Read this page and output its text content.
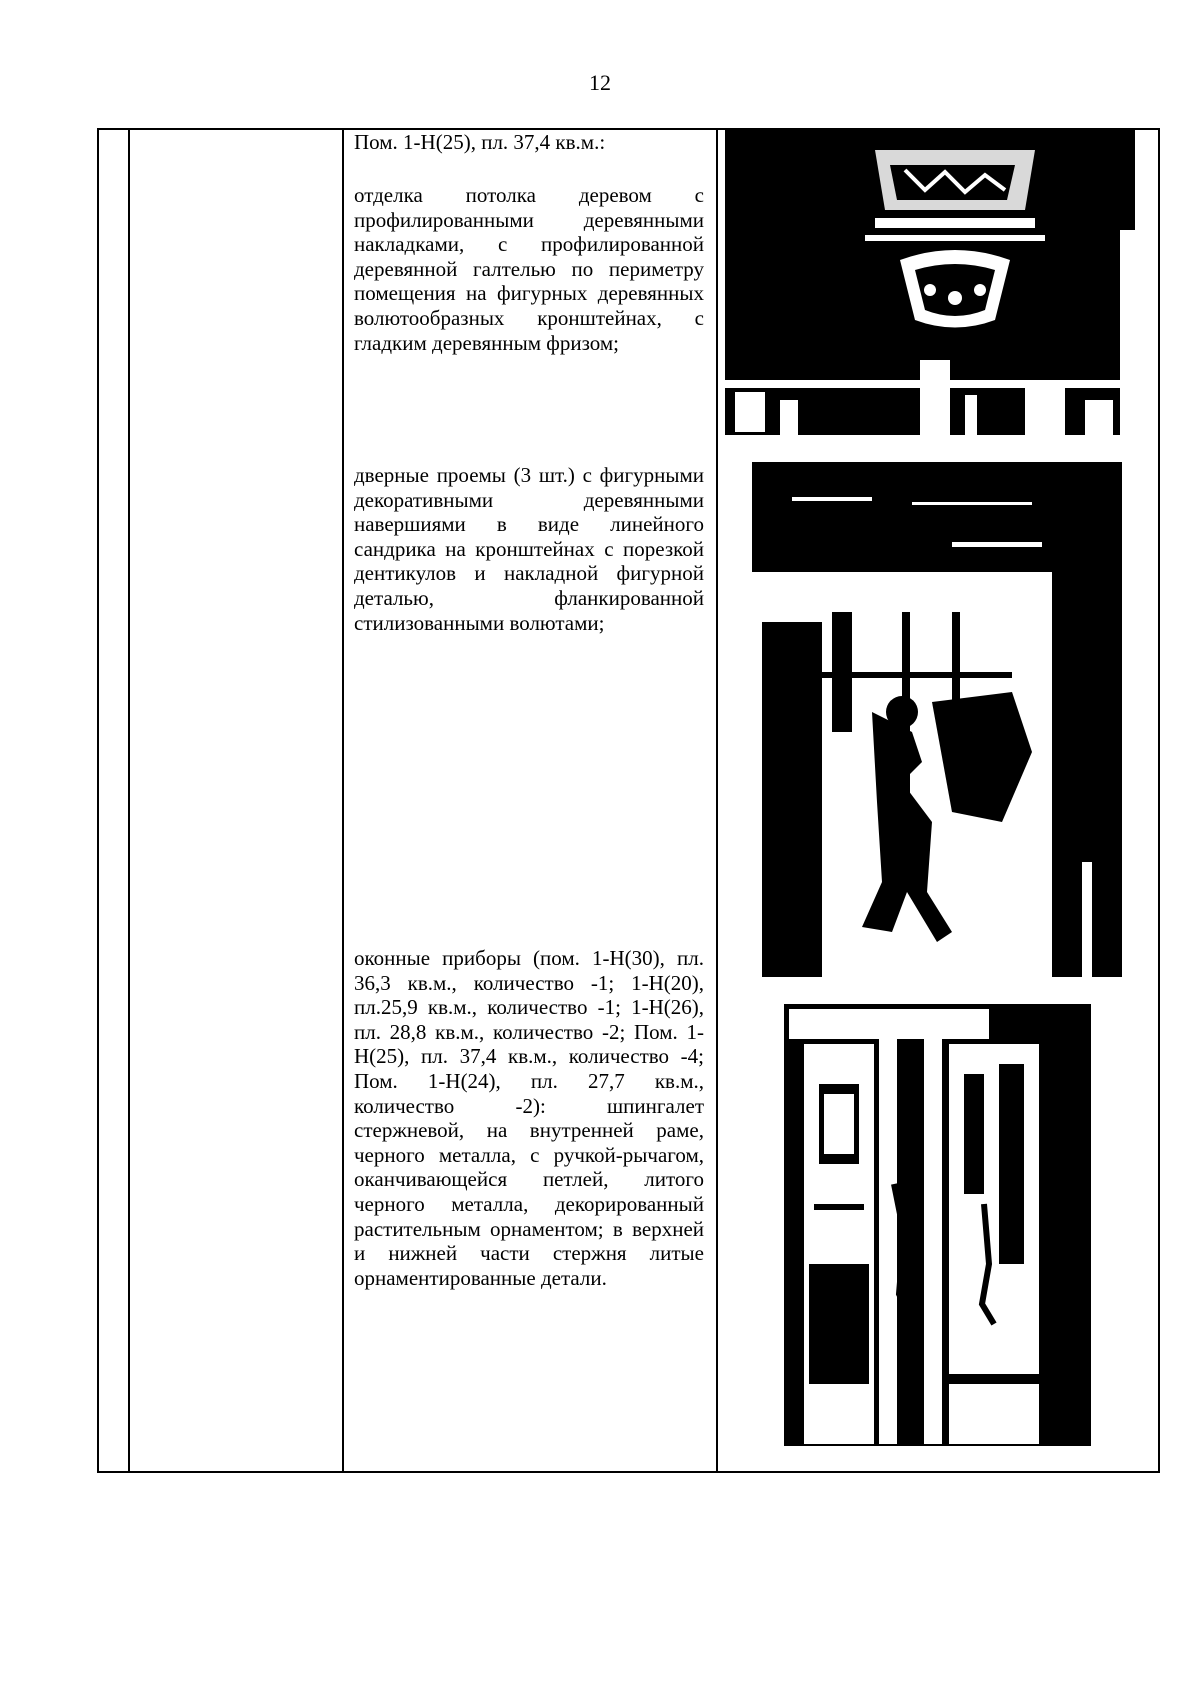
12
Пом. 1-Н(25), пл. 37,4 кв.м.:
отделка потолка деревом с профилированными деревянными накладками, с профилированной деревянной галтелью по периметру помещения на фигурных деревянных волютообразных кронштейнах, с гладким деревянным фризом;
дверные проемы (3 шт.) с фигурными декоративными деревянными навершиями в виде линейного сандрика на кронштейнах с порезкой дентикулов и накладной фигурной деталью, фланкированной стилизованными волютами;
оконные приборы (пом. 1-Н(30), пл. 36,3 кв.м., количество -1; 1-Н(20), пл.25,9 кв.м., количество -1; 1-Н(26), пл. 28,8 кв.м., количество -2; Пом. 1-Н(25), пл. 37,4 кв.м., количество -4; Пом. 1-Н(24), пл. 27,7 кв.м., количество -2): шпингалет стержневой, на внутренней раме, черного металла, с ручкой-рычагом, оканчивающейся петлей, литого черного металла, декорированный растительным орнаментом; в верхней и нижней части стержня литые орнаментированные детали.
